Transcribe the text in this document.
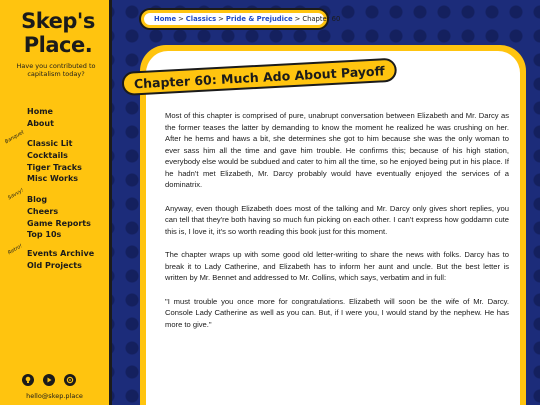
Skep's
Place.
Have you contributed to capitalism today?
Home
About
Banquet Classic Lit
Cocktails
Tiger Tracks
Misc Works
Savvy! Blog
Cheers
Game Reports
Top 10s
Retro! Events Archive
Old Projects
hello@skep.place
Home > Classics > Pride & Prejudice > Chapter 60
Chapter 60: Much Ado About Payoff

Most of this chapter is comprised of pure, unabrupt conversation between Elizabeth and Mr. Darcy as the former teases the latter by demanding to know the moment he realized he was crushing on her. After he hems and haws a bit, she determines she got to him because she was the only woman to ever sass him all the time and gave him trouble. He confirms this; because of his high station, everybody else would be subdued and cater to him all the time, so he enjoyed being put in his place. If he hadn't met Elizabeth, Mr. Darcy probably would have eventually enjoyed the services of a dominatrix.

Anyway, even though Elizabeth does most of the talking and Mr. Darcy only gives short replies, you can tell that they're both having so much fun picking on each other. I can't express how goddamn cute this is, I love it, it's so worth reading this book just for this moment.

The chapter wraps up with some good old letter-writing to share the news with folks. Darcy has to break it to Lady Catherine, and Elizabeth has to inform her aunt and uncle. But the best letter is written by Mr. Bennet and addressed to Mr. Collins, which says, verbatim and in full:

"I must trouble you once more for congratulations. Elizabeth will soon be the wife of Mr. Darcy. Console Lady Catherine as well as you can. But, if I were you, I would stand by the nephew. He has more to give."
